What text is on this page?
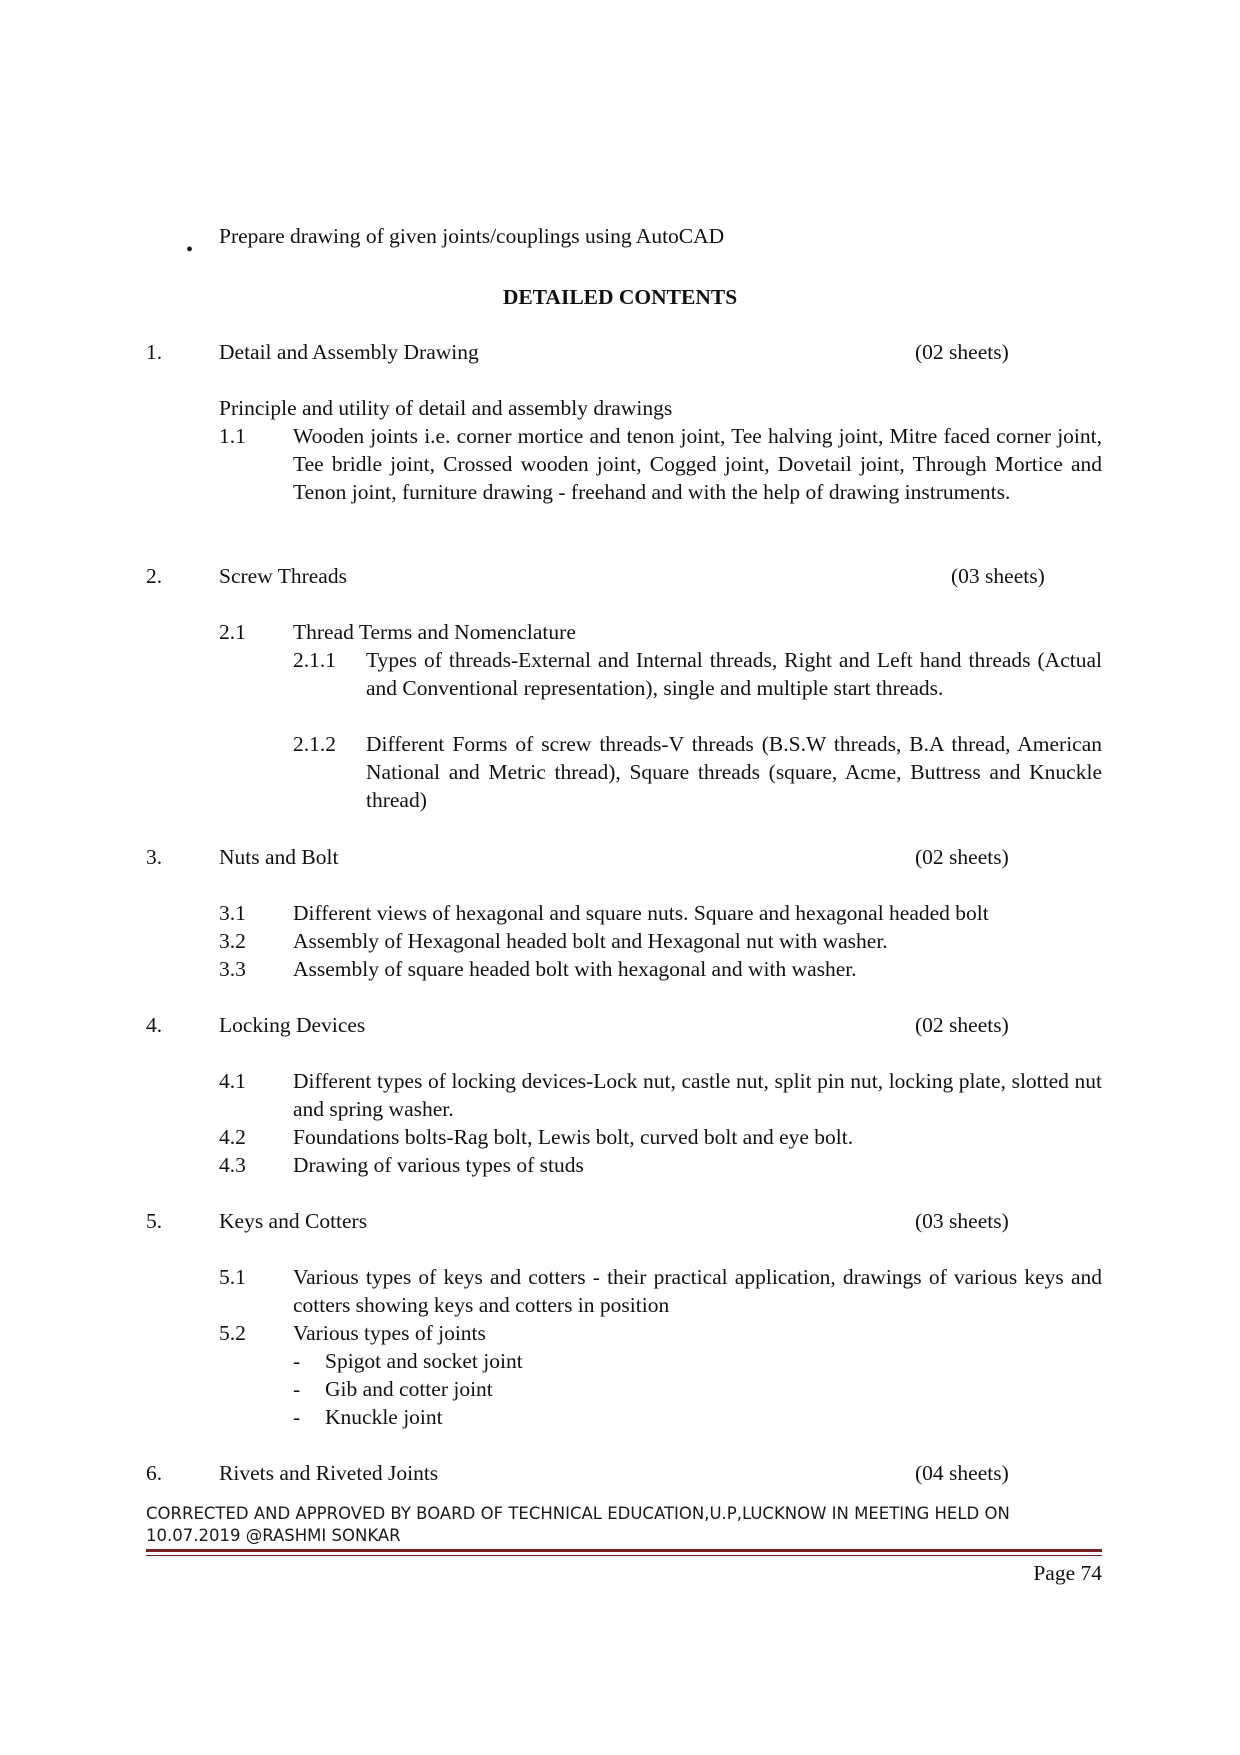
•
Prepare drawing of given joints/couplings using AutoCAD
DETAILED CONTENTS
1.	Detail and Assembly Drawing	(02 sheets)
Principle and utility of detail and assembly drawings
1.1 Wooden joints i.e. corner mortice and tenon joint, Tee halving joint, Mitre faced corner joint, Tee bridle joint, Crossed wooden joint, Cogged joint, Dovetail joint, Through Mortice and Tenon joint, furniture drawing - freehand and with the help of drawing instruments.
2.	Screw Threads	(03 sheets)
2.1 Thread Terms and Nomenclature
2.1.1 Types of threads-External and Internal threads, Right and Left hand threads (Actual and Conventional representation), single and multiple start threads.
2.1.2 Different Forms of screw threads-V threads (B.S.W threads, B.A thread, American National and Metric thread), Square threads (square, Acme, Buttress and Knuckle thread)
3.	Nuts and Bolt	(02 sheets)
3.1 Different views of hexagonal and square nuts. Square and hexagonal headed bolt
3.2 Assembly of Hexagonal headed bolt and Hexagonal nut with washer.
3.3 Assembly of square headed bolt with hexagonal and with washer.
4.	Locking Devices	(02 sheets)
4.1 Different types of locking devices-Lock nut, castle nut, split pin nut, locking plate, slotted nut and spring washer.
4.2 Foundations bolts-Rag bolt, Lewis bolt, curved bolt and eye bolt.
4.3 Drawing of various types of studs
5.	Keys and Cotters	(03 sheets)
5.1 Various types of keys and cotters - their practical application, drawings of various keys and cotters showing keys and cotters in position
5.2 Various types of joints
- Spigot and socket joint
- Gib and cotter joint
- Knuckle joint
6.	Rivets and Riveted Joints	(04 sheets)
CORRECTED AND APPROVED BY BOARD OF TECHNICAL EDUCATION,U.P,LUCKNOW IN MEETING HELD ON
10.07.2019 @RASHMI SONKAR
Page 74
